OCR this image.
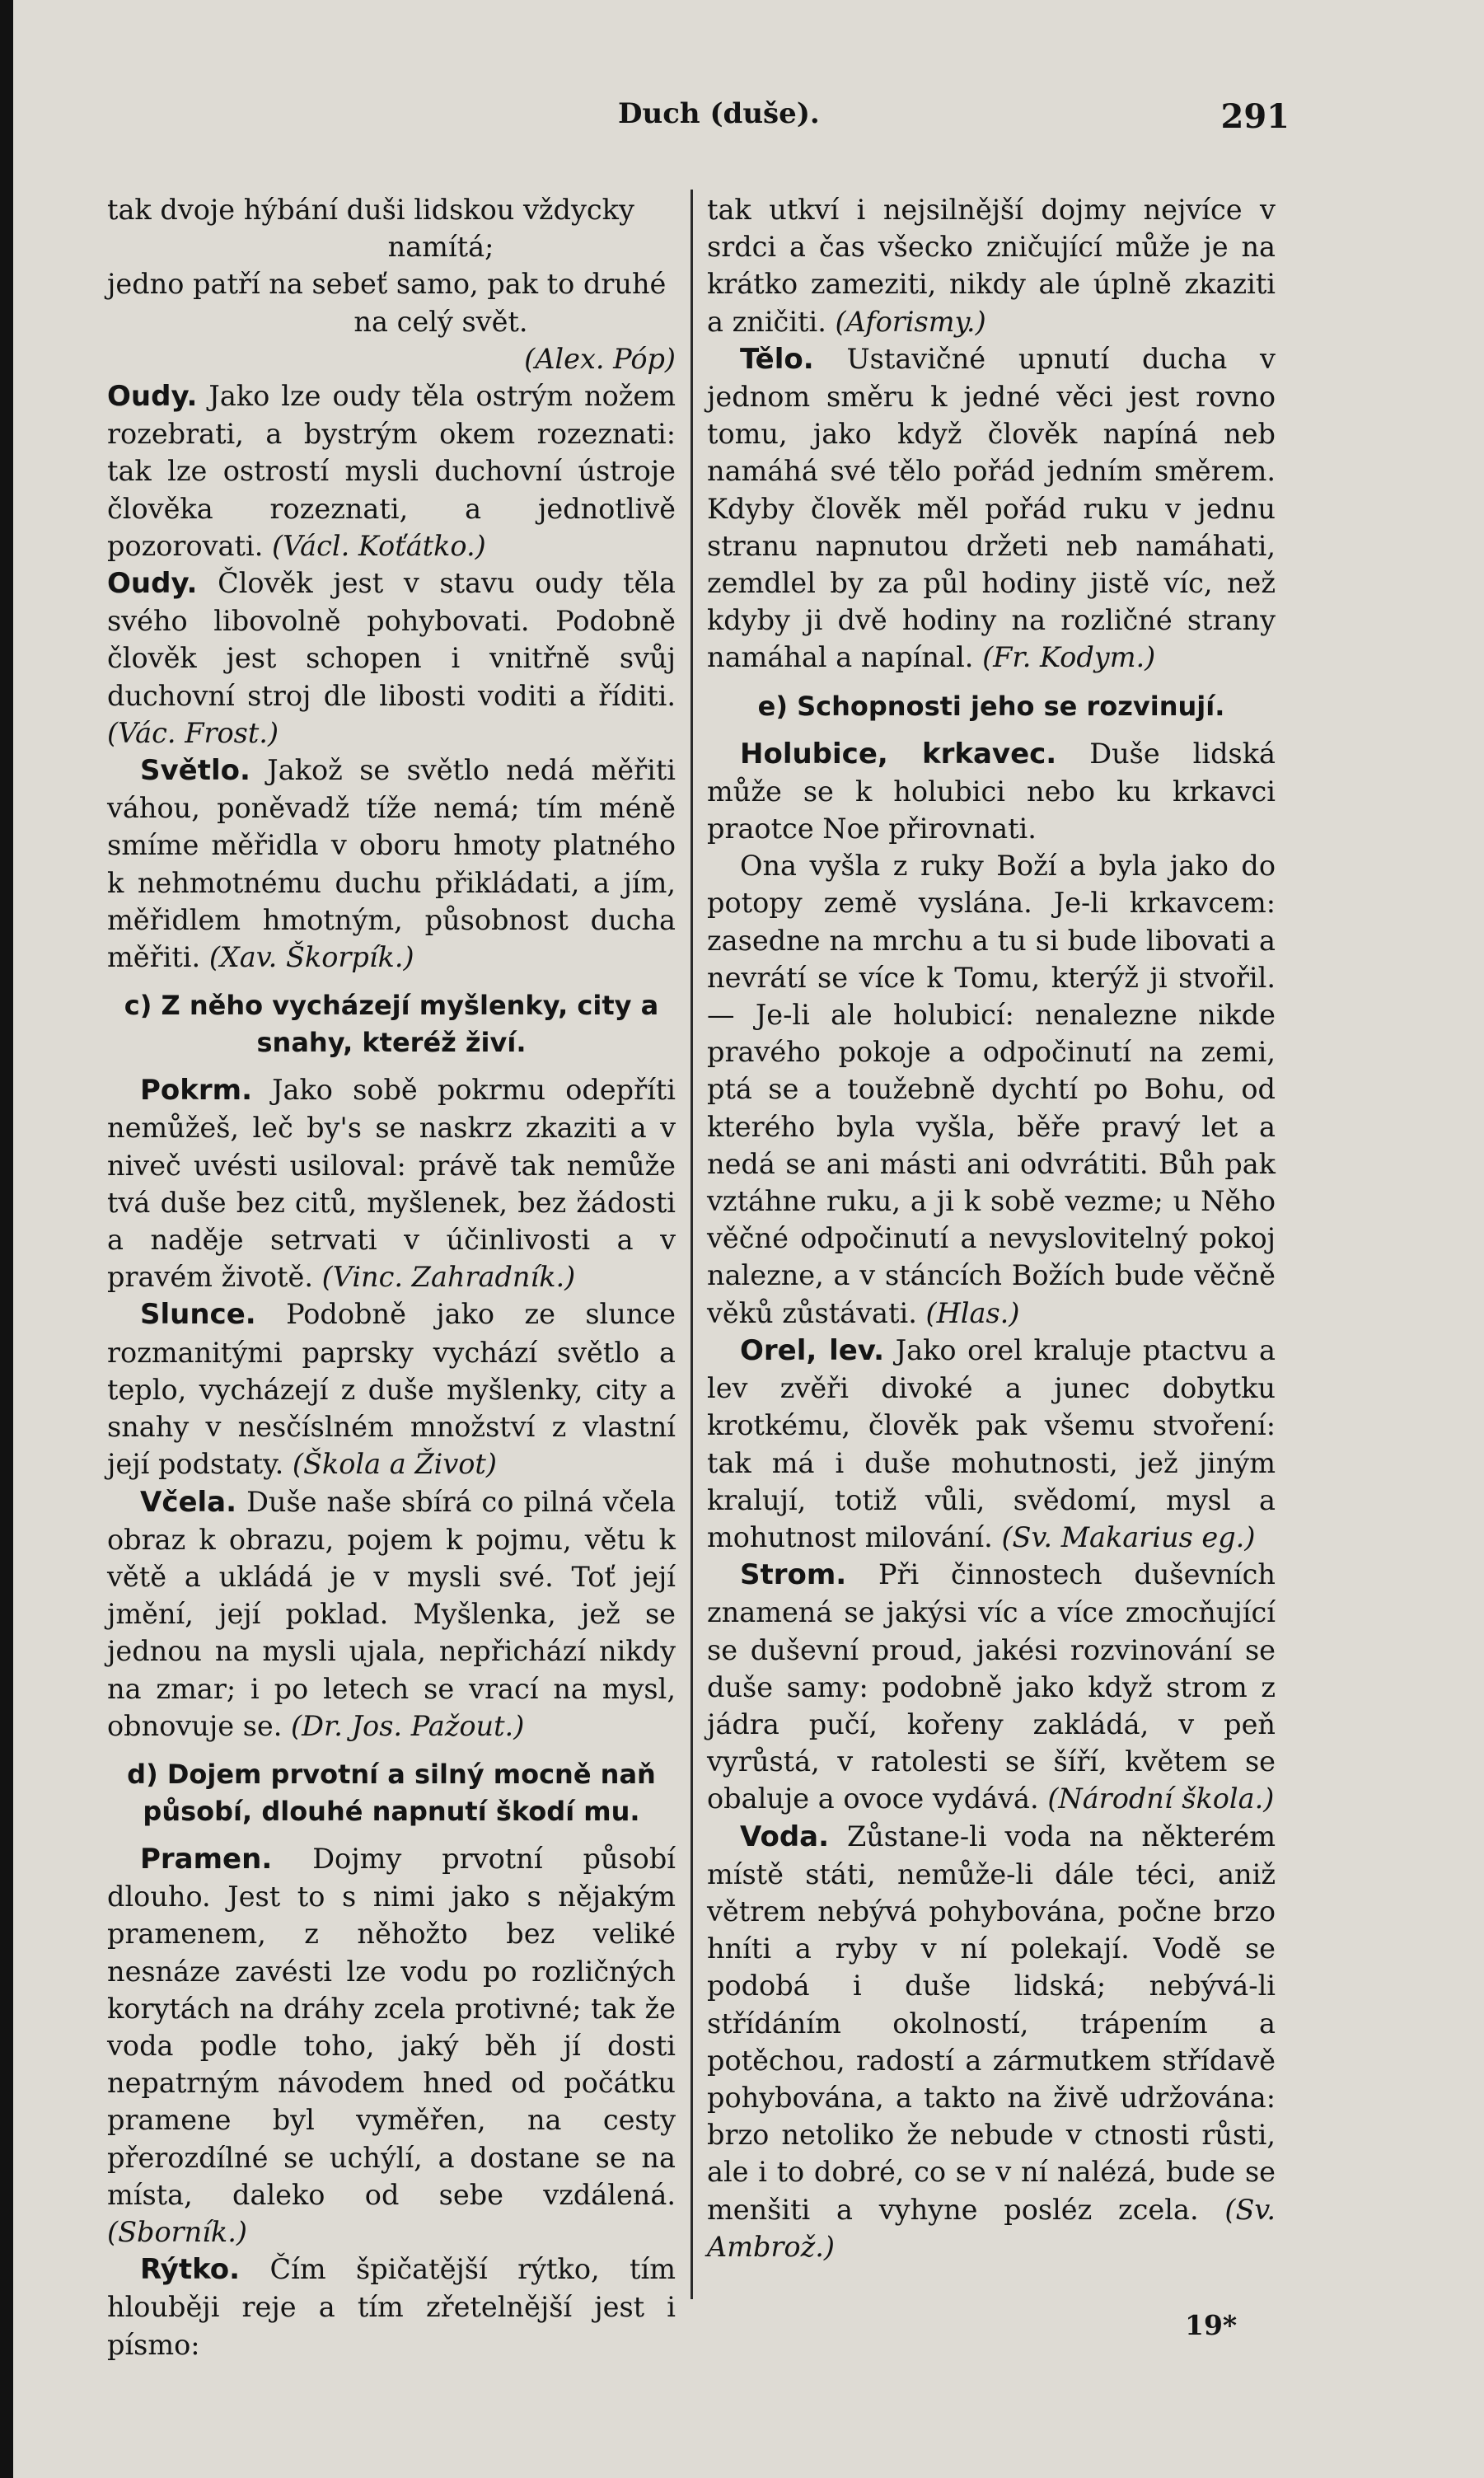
Duch (duše).	291

tak dvoje hýbání duši lidskou vždycky

namítá;

jedno patří na sebeť samo, pak to druhé

na celý svět.

(Alex. Póp)

Oudy. Jako lze oudy těla ostrým nožem rozebrati, a bystrým okem rozeznati: tak lze ostrostí mysli duchovní ústroje člověka rozeznati, a jednotlivě pozorovati. (Václ. Koťátko.)

Oudy. Člověk jest v stavu oudy těla svého libovolně pohybovati. Podobně člověk jest schopen i vnitřně svůj duchovní stroj dle libosti voditi a říditi. (Vác. Frost.)

Světlo. Jakož se světlo nedá měřiti váhou, poněvadž tíže nemá; tím méně smíme měřidla v oboru hmoty platného k nehmotnému duchu přikládati, a jím, měřidlem hmotným, působnost ducha měřiti. (Xav. Škorpík.)

c) Z něho vycházejí myšlenky, city a snahy, kteréž živí.

Pokrm. Jako sobě pokrmu odepříti nemůžeš, leč by's se naskrz zkaziti a v niveč uvésti usiloval: právě tak nemůže tvá duše bez citů, myšlenek, bez žádosti a naděje setrvati v účinlivosti a v pravém životě. (Vinc. Zahradník.)

Slunce. Podobně jako ze slunce rozmanitými paprsky vychází světlo a teplo, vycházejí z duše myšlenky, city a snahy v nesčíslném množství z vlastní její podstaty. (Škola a Život)

Včela. Duše naše sbírá co pilná včela obraz k obrazu, pojem k pojmu, větu k větě a ukládá je v mysli své. Toť její jmění, její poklad. Myšlenka, jež se jednou na mysli ujala, nepřichází nikdy na zmar; i po letech se vrací na mysl, obnovuje se. (Dr. Jos. Pažout.)

d) Dojem prvotní a silný mocně naň působí, dlouhé napnutí škodí mu.

Pramen. Dojmy prvotní působí dlouho. Jest to s nimi jako s nějakým pramenem, z něhožto bez veliké nesnáze zavésti lze vodu po rozličných korytách na dráhy zcela protivné; tak že voda podle toho, jaký běh jí dosti nepatrným návodem hned od počátku pramene byl vyměřen, na cesty přerozdílné se uchýlí, a dostane se na místa, daleko od sebe vzdálená. (Sborník.)

Rýtko. Čím špičatější rýtko, tím hlouběji reje a tím zřetelnější jest i písmo:

tak utkví i nejsilnější dojmy nejvíce v srdci a čas všecko zničující může je na krátko zameziti, nikdy ale úplně zkaziti a zničiti. (Aforismy.)

Tělo. Ustavičné upnutí ducha v jednom směru k jedné věci jest rovno tomu, jako když člověk napíná neb namáhá své tělo pořád jedním směrem. Kdyby člověk měl pořád ruku v jednu stranu napnutou držeti neb namáhati, zemdlel by za půl hodiny jistě víc, než kdyby ji dvě hodiny na rozličné strany namáhal a napínal. (Fr. Kodym.)

e) Schopnosti jeho se rozvinují.

Holubice, krkavec. Duše lidská může se k holubici nebo ku krkavci praotce Noe přirovnati.

Ona vyšla z ruky Boží a byla jako do potopy země vyslána. Je-li krkavcem: zasedne na mrchu a tu si bude libovati a nevrátí se více k Tomu, kterýž ji stvořil. — Je-li ale holubicí: nenalezne nikde pravého pokoje a odpočinutí na zemi, ptá se a toužebně dychtí po Bohu, od kterého byla vyšla, běře pravý let a nedá se ani másti ani odvrátiti. Bůh pak vztáhne ruku, a ji k sobě vezme; u Něho věčné odpočinutí a nevyslovitelný pokoj nalezne, a v stáncích Božích bude věčně věků zůstávati. (Hlas.)

Orel, lev. Jako orel kraluje ptactvu a lev zvěři divoké a junec dobytku krotkému, člověk pak všemu stvoření: tak má i duše mohutnosti, jež jiným kralují, totiž vůli, svědomí, mysl a mohutnost milování. (Sv. Makarius eg.)

Strom. Při činnostech duševních znamená se jakýsi víc a více zmocňující se duševní proud, jakési rozvinování se duše samy: podobně jako když strom z jádra pučí, kořeny zakládá, v peň vyrůstá, v ratolesti se šíří, květem se obaluje a ovoce vydává. (Národní škola.)

Voda. Zůstane-li voda na některém místě státi, nemůže-li dále téci, aniž větrem nebývá pohybována, počne brzo hníti a ryby v ní polekají. Vodě se podobá i duše lidská; nebývá-li střídáním okolností, trápením a potěchou, radostí a zármutkem střídavě pohybována, a takto na živě udržována: brzo netoliko že nebude v ctnosti růsti, ale i to dobré, co se v ní nalézá, bude se menšiti a vyhyne posléz zcela. (Sv. Ambrož.)

19*
